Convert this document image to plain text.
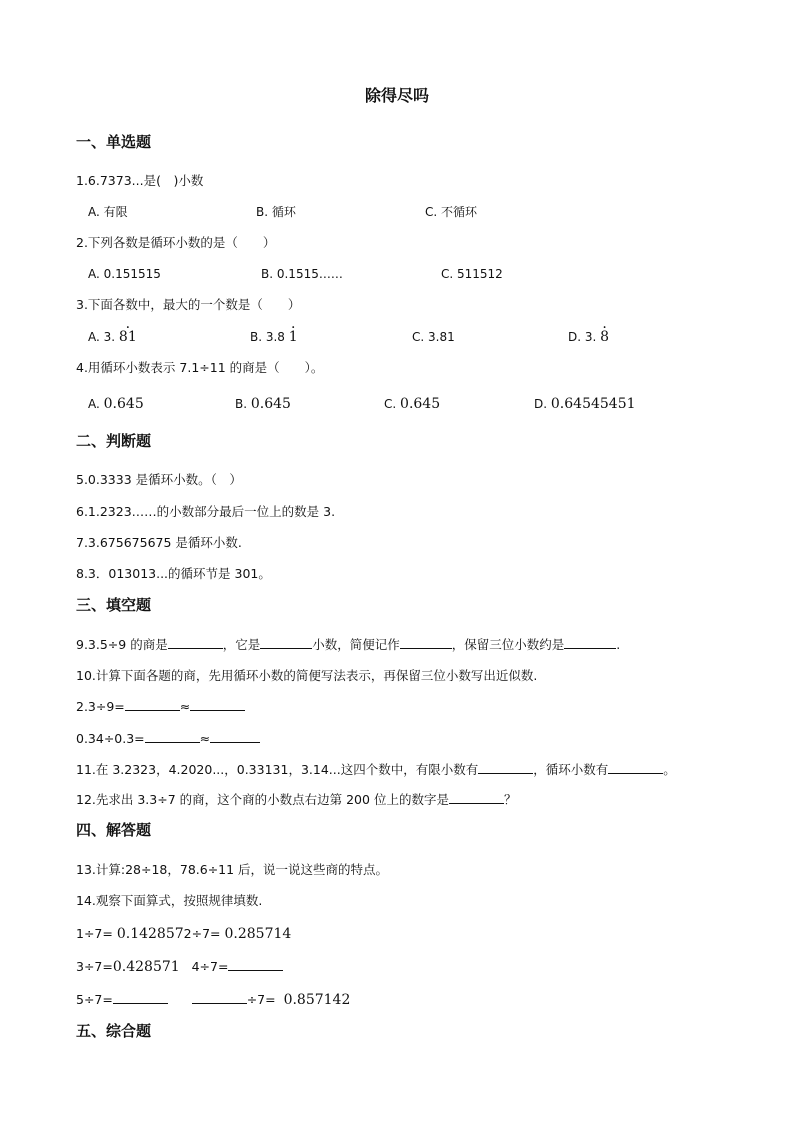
除得尽吗
一、单选题
1.6.7373...是(　)小数
A. 有限	B. 循环	C. 不循环
2.下列各数是循环小数的是（　　）
A. 0.151515	B. 0.1515……	C. 511512
3.下面各数中，最大的一个数是（　　）
A. 3. · 81	B. 3.8 · 1	C. 3.81	D. 3. · 8
4.用循环小数表示 7.1÷11 的商是（　　）。
A. 0.645	B. 0.645	C. 0.645	D. 0.64545451
二、判断题
5.0.3333 是循环小数。（　）
6.1.2323……的小数部分最后一位上的数是 3.
7.3.675675675 是循环小数.
8.3．013013...的循环节是 301。
三、填空题
9.3.5÷9 的商是	，它是	小数，简便记作	，保留三位小数约是	.
10.计算下面各题的商，先用循环小数的简便写法表示，再保留三位小数写出近似数.
2.3÷9=	≈
0.34÷0.3=	≈
11.在 3.2323，4.2020...，0.33131，3.14...这四个数中，有限小数有	，循环小数有	。
12.先求出 3.3÷7 的商，这个商的小数点右边第 200 位上的数字是	？
四、解答题
13.计算:28÷18，78.6÷11 后，说一说这些商的特点。
14.观察下面算式，按照规律填数.
1÷7= 0.1428572÷7= 0.285714
3÷7=0.428571 4÷7=
5÷7=	÷7= 0.857142
五、综合题
